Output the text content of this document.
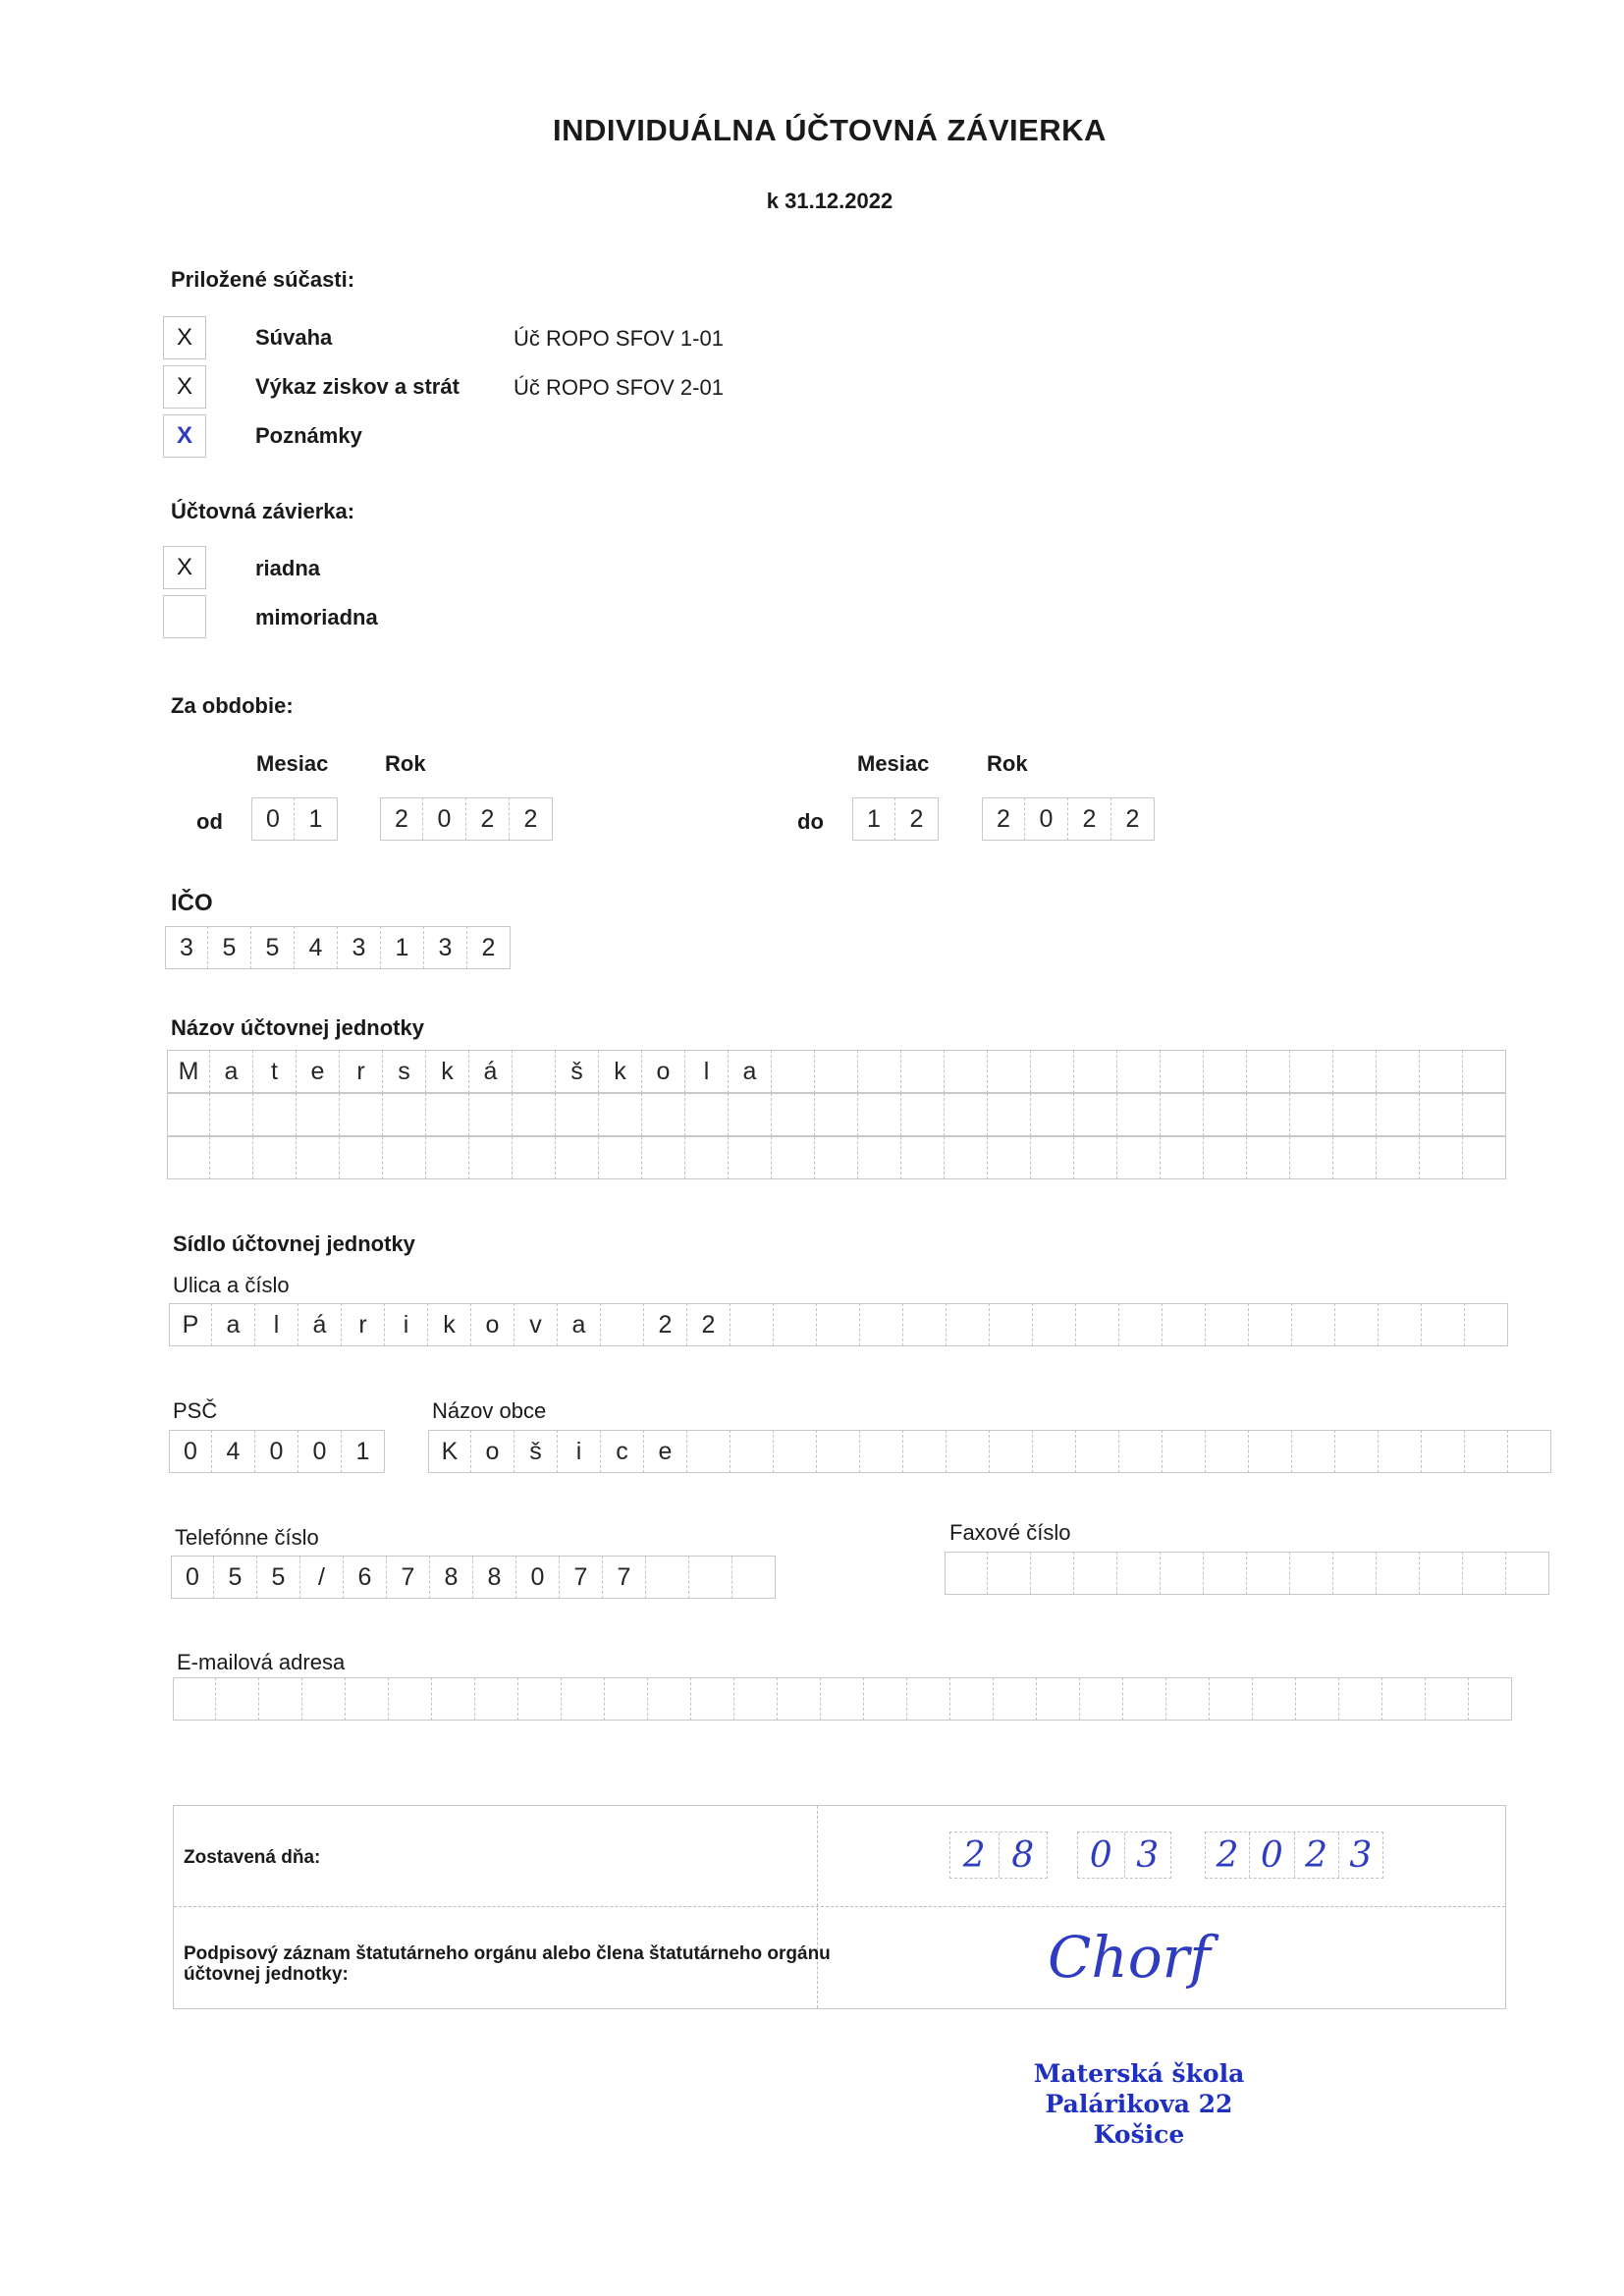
INDIVIDUÁLNA ÚČTOVNÁ ZÁVIERKA
k 31.12.2022
Priložené súčasti:
X	Súvaha	Úč ROPO SFOV 1-01
X	Výkaz ziskov a strát	Úč ROPO SFOV 2-01
X	Poznámky
Účtovná závierka:
X	riadna
mimoriadna
Za obdobie:
Mesiac	Rok	Mesiac	Rok
od	0	1	2	0	2	2	do	1	2	2	0	2	2
IČO
3	5	5	4	3	1	3	2
Názov účtovnej jednotky
M	a	t	e	r	s	k	á	š	k	o	l	a
Sídlo účtovnej jednotky
Ulica a číslo
P	a	l	á	r	i	k	o	v	a	2	2
PSČ
0	4	0	0	1
Názov obce
K	o	š	i	c	e
Telefónne číslo
0	5	5	/	6	7	8	8	0	7	7
Faxové číslo
E-mailová adresa
Zostavená dňa:	2 8	0 3	2 0 2 3
Podpisový záznam štatutárneho orgánu alebo člena štatutárneho orgánu
účtovnej jednotky:	Chorf
Materská škola
Palárikova 22
Košice
